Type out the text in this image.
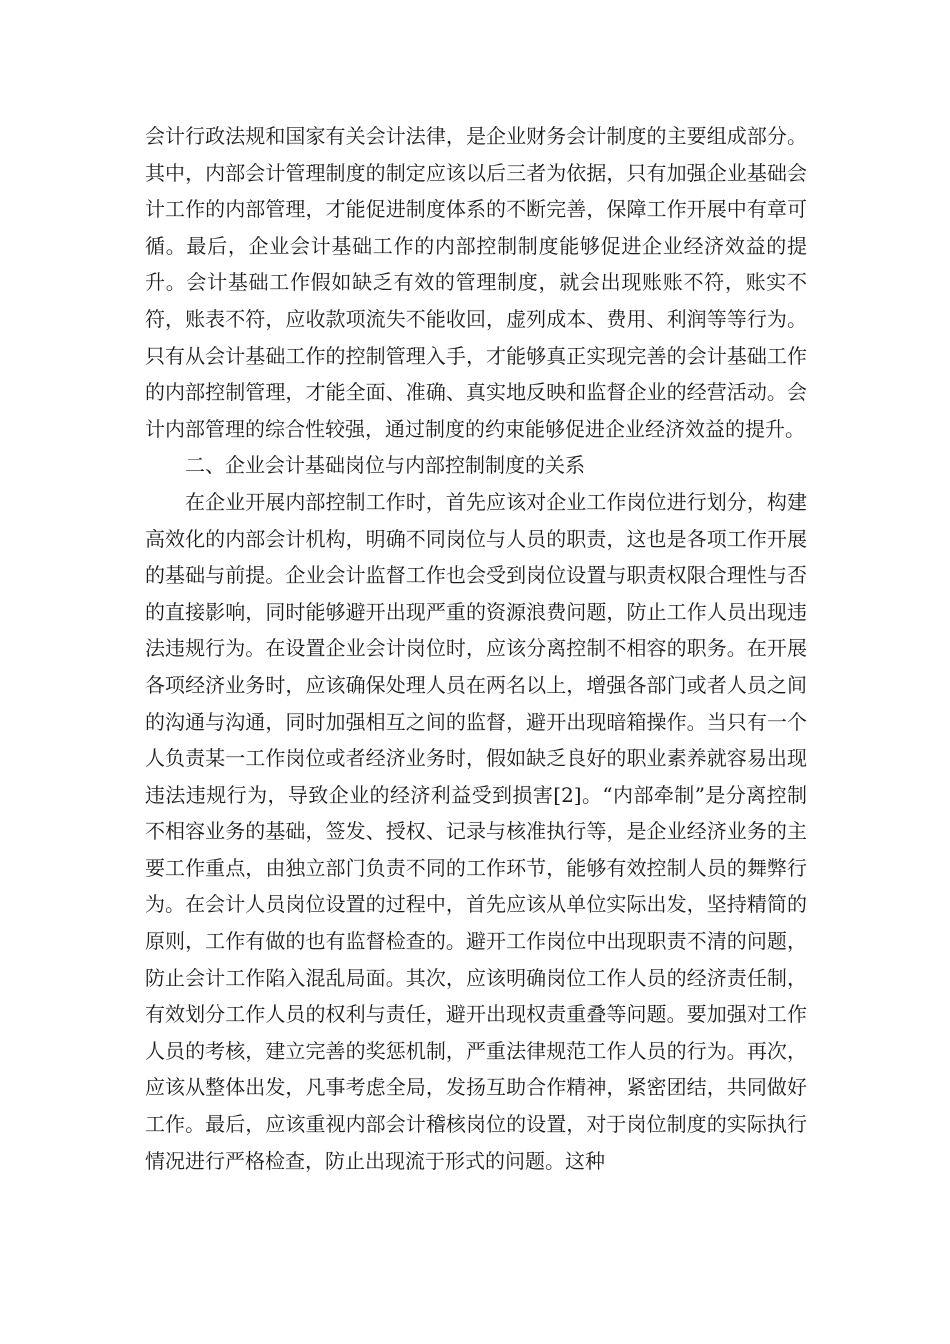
会计行政法规和国家有关会计法律，是企业财务会计制度的主要组成部分。其中，内部会计管理制度的制定应该以后三者为依据，只有加强企业基础会计工作的内部管理，才能促进制度体系的不断完善，保障工作开展中有章可循。最后，企业会计基础工作的内部控制制度能够促进企业经济效益的提升。会计基础工作假如缺乏有效的管理制度，就会出现账账不符，账实不符，账表不符，应收款项流失不能收回，虚列成本、费用、利润等等行为。只有从会计基础工作的控制管理入手，才能够真正实现完善的会计基础工作的内部控制管理，才能全面、准确、真实地反映和监督企业的经营活动。会计内部管理的综合性较强，通过制度的约束能够促进企业经济效益的提升。

二、企业会计基础岗位与内部控制制度的关系

在企业开展内部控制工作时，首先应该对企业工作岗位进行划分，构建高效化的内部会计机构，明确不同岗位与人员的职责，这也是各项工作开展的基础与前提。企业会计监督工作也会受到岗位设置与职责权限合理性与否的直接影响，同时能够避开出现严重的资源浪费问题，防止工作人员出现违法违规行为。在设置企业会计岗位时，应该分离控制不相容的职务。在开展各项经济业务时，应该确保处理人员在两名以上，增强各部门或者人员之间的沟通与沟通，同时加强相互之间的监督，避开出现暗箱操作。当只有一个人负责某一工作岗位或者经济业务时，假如缺乏良好的职业素养就容易出现违法违规行为，导致企业的经济利益受到损害[2]。“内部牵制”是分离控制不相容业务的基础，签发、授权、记录与核准执行等，是企业经济业务的主要工作重点，由独立部门负责不同的工作环节，能够有效控制人员的舞弊行为。在会计人员岗位设置的过程中，首先应该从单位实际出发，坚持精简的原则，工作有做的也有监督检查的。避开工作岗位中出现职责不清的问题，防止会计工作陷入混乱局面。其次，应该明确岗位工作人员的经济责任制，有效划分工作人员的权利与责任，避开出现权责重叠等问题。要加强对工作人员的考核，建立完善的奖惩机制，严重法律规范工作人员的行为。再次，应该从整体出发，凡事考虑全局，发扬互助合作精神，紧密团结，共同做好工作。最后，应该重视内部会计稽核岗位的设置，对于岗位制度的实际执行情况进行严格检查，防止出现流于形式的问题。这种
